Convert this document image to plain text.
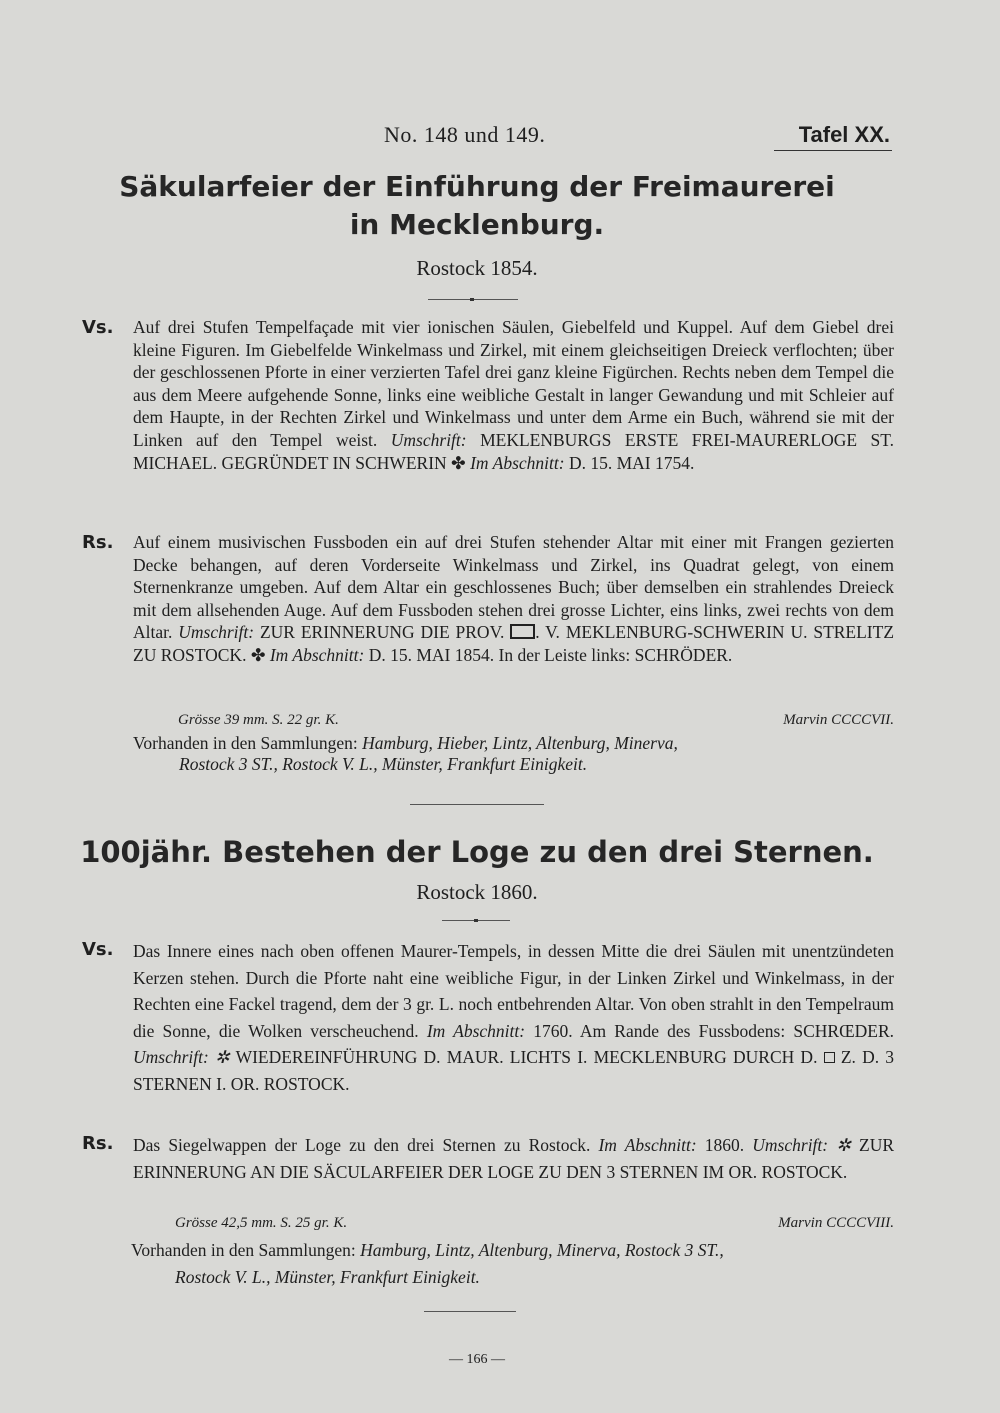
No. 148 und 149.	Tafel XX.
Säkularfeier der Einführung der Freimaurerei
in Mecklenburg.
Rostock 1854.
Vs. Auf drei Stufen Tempelfaçade mit vier ionischen Säulen, Giebelfeld und Kuppel. Auf dem Giebel drei kleine Figuren. Im Giebelfelde Winkelmass und Zirkel, mit einem gleichseitigen Dreieck verflochten; über der geschlossenen Pforte in einer verzierten Tafel drei ganz kleine Figürchen. Rechts neben dem Tempel die aus dem Meere aufgehende Sonne, links eine weibliche Gestalt in langer Gewandung und mit Schleier auf dem Haupte, in der Rechten Zirkel und Winkelmass und unter dem Arme ein Buch, während sie mit der Linken auf den Tempel weist. Umschrift: MEKLENBURGS ERSTE FREI-MAURERLOGE ST. MICHAEL. GEGRÜNDET IN SCHWERIN ✤ Im Abschnitt: D. 15. MAI 1754.
Rs. Auf einem musivischen Fussboden ein auf drei Stufen stehender Altar mit einer mit Frangen gezierten Decke behangen, auf deren Vorderseite Winkelmass und Zirkel, ins Quadrat gelegt, von einem Sternenkranze umgeben. Auf dem Altar ein geschlossenes Buch; über demselben ein strahlendes Dreieck mit dem allsehenden Auge. Auf dem Fussboden stehen drei grosse Lichter, eins links, zwei rechts von dem Altar. Umschrift: ZUR ERINNERUNG DIE PROV. . V. MEKLENBURG-SCHWERIN U. STRELITZ ZU ROSTOCK. ✤ Im Abschnitt: D. 15. MAI 1854. In der Leiste links: SCHRÖDER.
Grösse 39 mm. S. 22 gr. K.	Marvin CCCCVII.
Vorhanden in den Sammlungen: Hamburg, Hieber, Lintz, Altenburg, Minerva,
Rostock 3 ST., Rostock V. L., Münster, Frankfurt Einigkeit.
100jähr. Bestehen der Loge zu den drei Sternen.
Rostock 1860.
Vs. Das Innere eines nach oben offenen Maurer-Tempels, in dessen Mitte die drei Säulen mit unentzündeten Kerzen stehen. Durch die Pforte naht eine weibliche Figur, in der Linken Zirkel und Winkelmass, in der Rechten eine Fackel tragend, dem der 3 gr. L. noch entbehrenden Altar. Von oben strahlt in den Tempelraum die Sonne, die Wolken verscheuchend. Im Abschnitt: 1760. Am Rande des Fussbodens: SCHRŒDER. Umschrift: ✲ WIEDEREINFÜHRUNG D. MAUR. LICHTS I. MECKLENBURG DURCH D. Z. D. 3 STERNEN I. OR. ROSTOCK.
Rs. Das Siegelwappen der Loge zu den drei Sternen zu Rostock. Im Abschnitt: 1860. Umschrift: ✲ ZUR ERINNERUNG AN DIE SÄCULARFEIER DER LOGE ZU DEN 3 STERNEN IM OR. ROSTOCK.
Grösse 42,5 mm. S. 25 gr. K.	Marvin CCCCVIII.
Vorhanden in den Sammlungen: Hamburg, Lintz, Altenburg, Minerva, Rostock 3 ST.,
Rostock V. L., Münster, Frankfurt Einigkeit.
— 166 —
